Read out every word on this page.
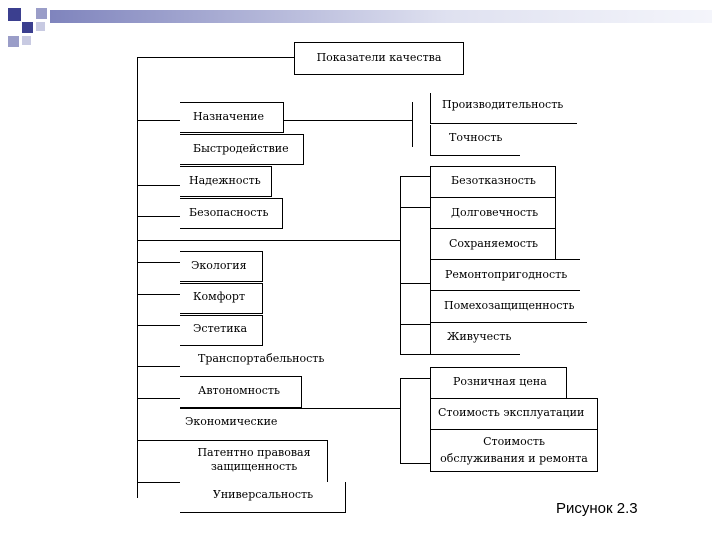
Показатели качества
Назначение
Быстродействие
Надежность
Безопасность
Экология
Комфорт
Эстетика
Транспортабельность
Автономность
Экономические
Патентно правовая
защищенность
Универсальность
Производительность
Точность
Безотказность
Долговечность
Сохраняемость
Ремонтопригодность
Помехозащищенность
Живучесть
Розничная цена
Стоимость эксплуатации
Стоимость
обслуживания и ремонта
Рисунок 2.3
